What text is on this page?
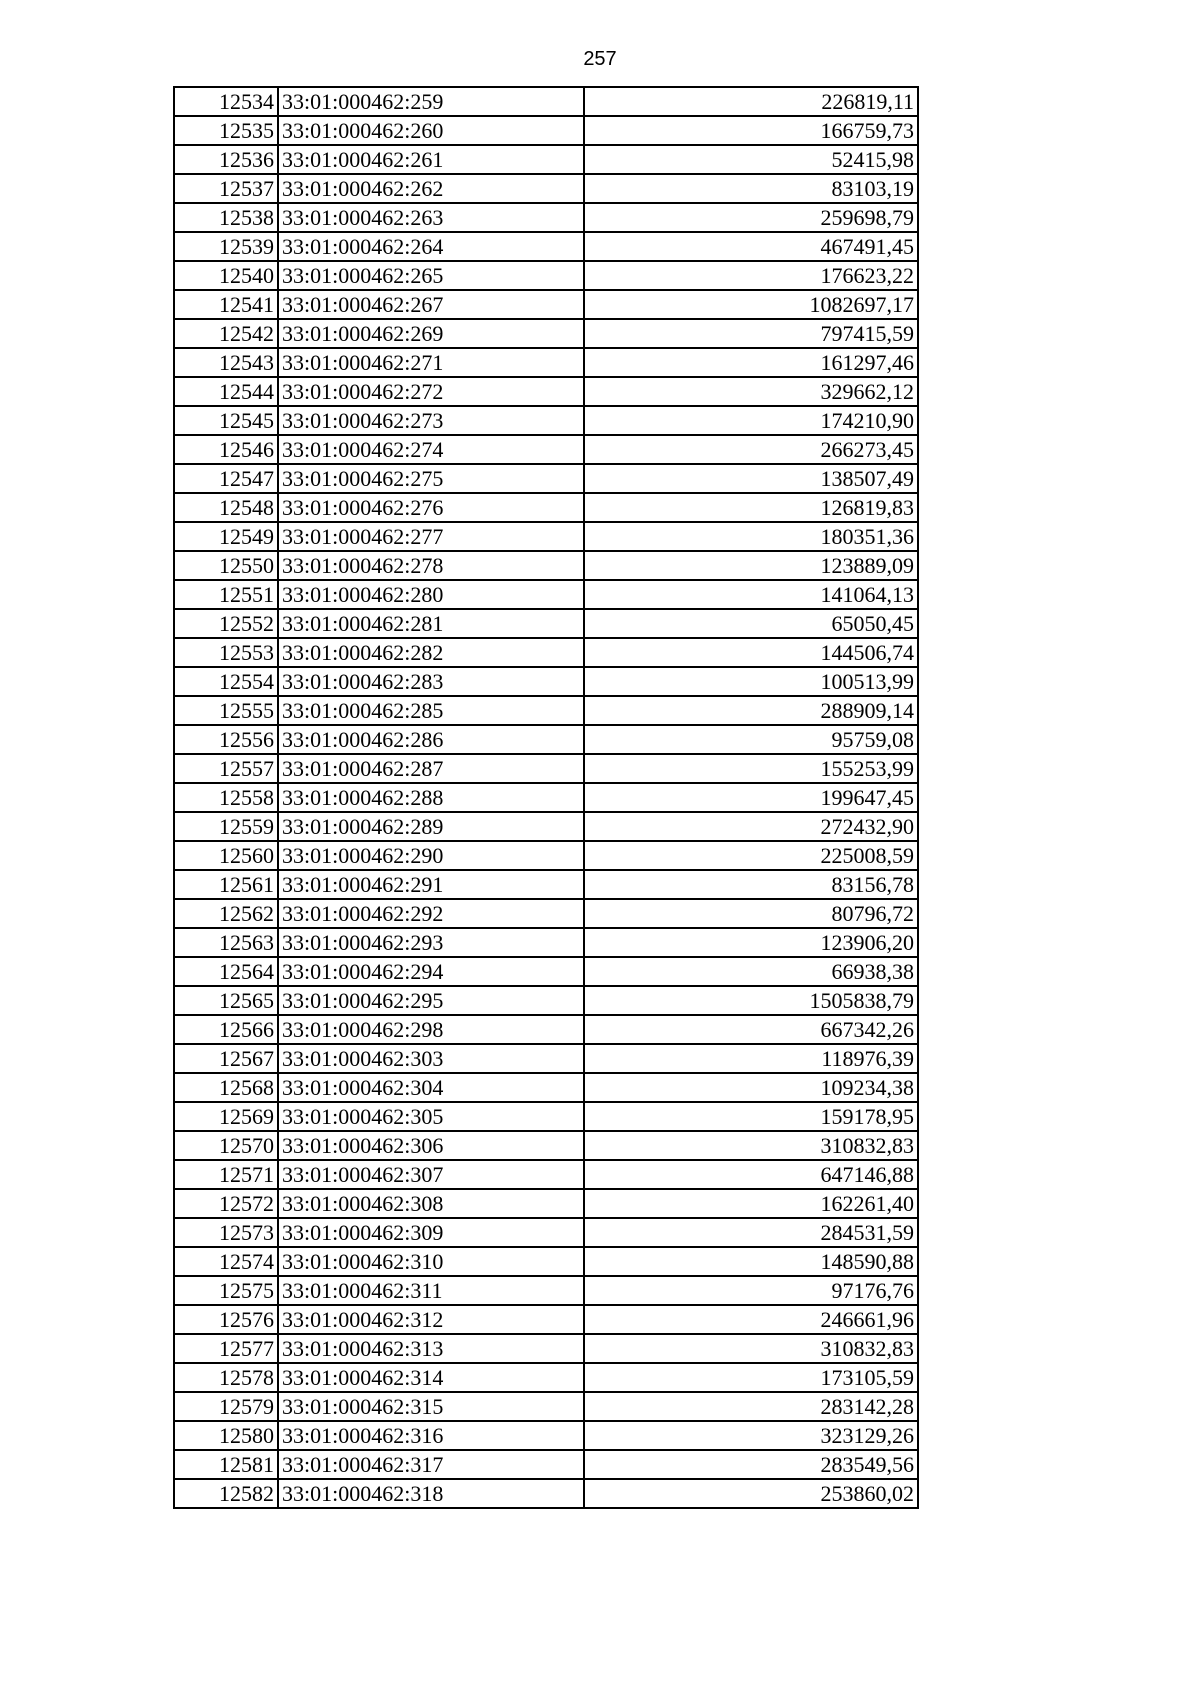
257
12534	33:01:000462:259	226819,11
12535	33:01:000462:260	166759,73
12536	33:01:000462:261	52415,98
12537	33:01:000462:262	83103,19
12538	33:01:000462:263	259698,79
12539	33:01:000462:264	467491,45
12540	33:01:000462:265	176623,22
12541	33:01:000462:267	1082697,17
12542	33:01:000462:269	797415,59
12543	33:01:000462:271	161297,46
12544	33:01:000462:272	329662,12
12545	33:01:000462:273	174210,90
12546	33:01:000462:274	266273,45
12547	33:01:000462:275	138507,49
12548	33:01:000462:276	126819,83
12549	33:01:000462:277	180351,36
12550	33:01:000462:278	123889,09
12551	33:01:000462:280	141064,13
12552	33:01:000462:281	65050,45
12553	33:01:000462:282	144506,74
12554	33:01:000462:283	100513,99
12555	33:01:000462:285	288909,14
12556	33:01:000462:286	95759,08
12557	33:01:000462:287	155253,99
12558	33:01:000462:288	199647,45
12559	33:01:000462:289	272432,90
12560	33:01:000462:290	225008,59
12561	33:01:000462:291	83156,78
12562	33:01:000462:292	80796,72
12563	33:01:000462:293	123906,20
12564	33:01:000462:294	66938,38
12565	33:01:000462:295	1505838,79
12566	33:01:000462:298	667342,26
12567	33:01:000462:303	118976,39
12568	33:01:000462:304	109234,38
12569	33:01:000462:305	159178,95
12570	33:01:000462:306	310832,83
12571	33:01:000462:307	647146,88
12572	33:01:000462:308	162261,40
12573	33:01:000462:309	284531,59
12574	33:01:000462:310	148590,88
12575	33:01:000462:311	97176,76
12576	33:01:000462:312	246661,96
12577	33:01:000462:313	310832,83
12578	33:01:000462:314	173105,59
12579	33:01:000462:315	283142,28
12580	33:01:000462:316	323129,26
12581	33:01:000462:317	283549,56
12582	33:01:000462:318	253860,02
